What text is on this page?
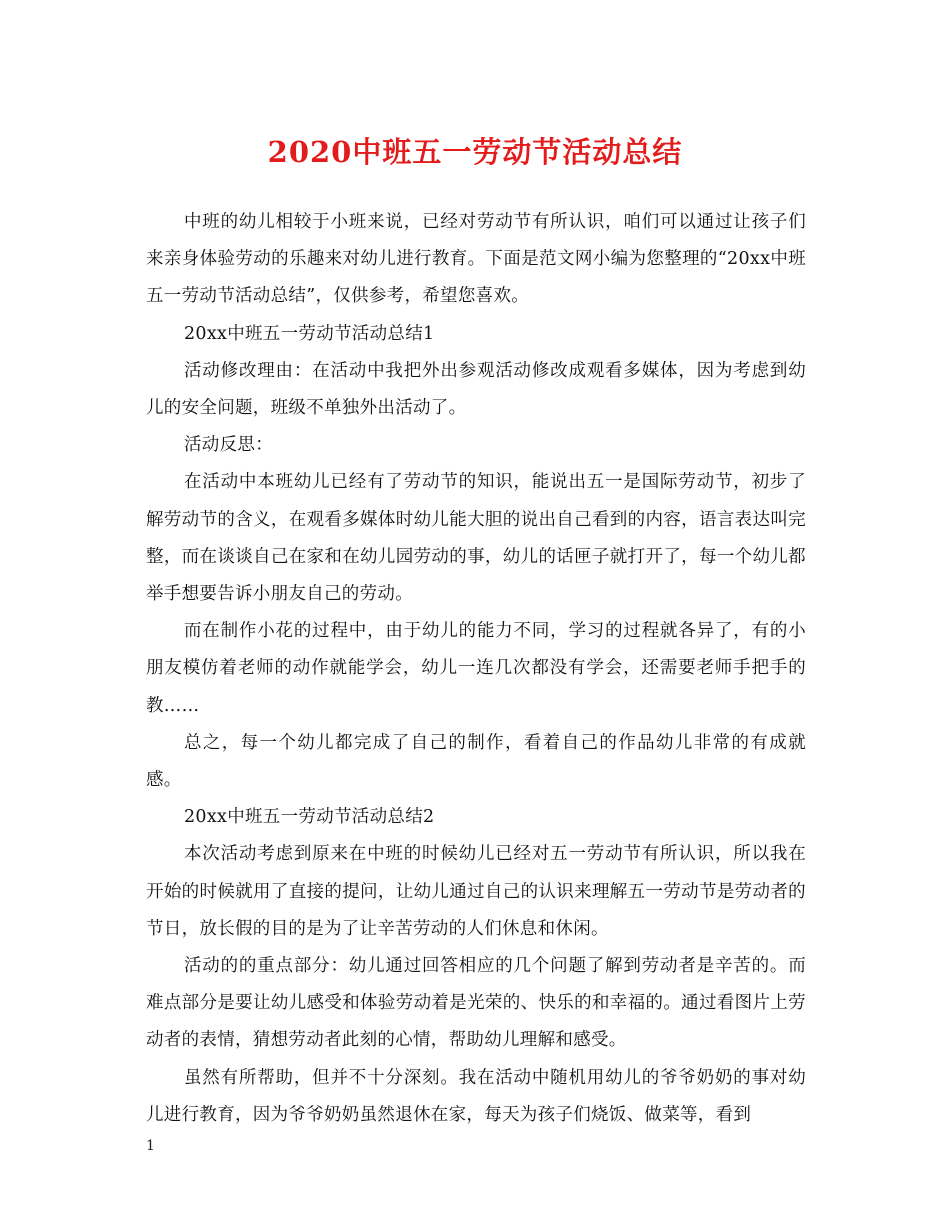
2020中班五一劳动节活动总结

中班的幼儿相较于小班来说，已经对劳动节有所认识，咱们可以通过让孩子们来亲身体验劳动的乐趣来对幼儿进行教育。下面是范文网小编为您整理的“20xx中班五一劳动节活动总结”，仅供参考，希望您喜欢。

20xx中班五一劳动节活动总结1

活动修改理由：在活动中我把外出参观活动修改成观看多媒体，因为考虑到幼儿的安全问题，班级不单独外出活动了。

活动反思：

在活动中本班幼儿已经有了劳动节的知识，能说出五一是国际劳动节，初步了解劳动节的含义，在观看多媒体时幼儿能大胆的说出自己看到的内容，语言表达叫完整，而在谈谈自己在家和在幼儿园劳动的事，幼儿的话匣子就打开了，每一个幼儿都举手想要告诉小朋友自己的劳动。

而在制作小花的过程中，由于幼儿的能力不同，学习的过程就各异了，有的小朋友模仿着老师的动作就能学会，幼儿一连几次都没有学会，还需要老师手把手的教……

总之，每一个幼儿都完成了自己的制作，看着自己的作品幼儿非常的有成就感。

20xx中班五一劳动节活动总结2

本次活动考虑到原来在中班的时候幼儿已经对五一劳动节有所认识，所以我在开始的时候就用了直接的提问，让幼儿通过自己的认识来理解五一劳动节是劳动者的节日，放长假的目的是为了让辛苦劳动的人们休息和休闲。

活动的的重点部分：幼儿通过回答相应的几个问题了解到劳动者是辛苦的。而难点部分是要让幼儿感受和体验劳动着是光荣的、快乐的和幸福的。通过看图片上劳动者的表情，猜想劳动者此刻的心情，帮助幼儿理解和感受。

虽然有所帮助，但并不十分深刻。我在活动中随机用幼儿的爷爷奶奶的事对幼儿进行教育，因为爷爷奶奶虽然退休在家，每天为孩子们烧饭、做菜等，看到

1
